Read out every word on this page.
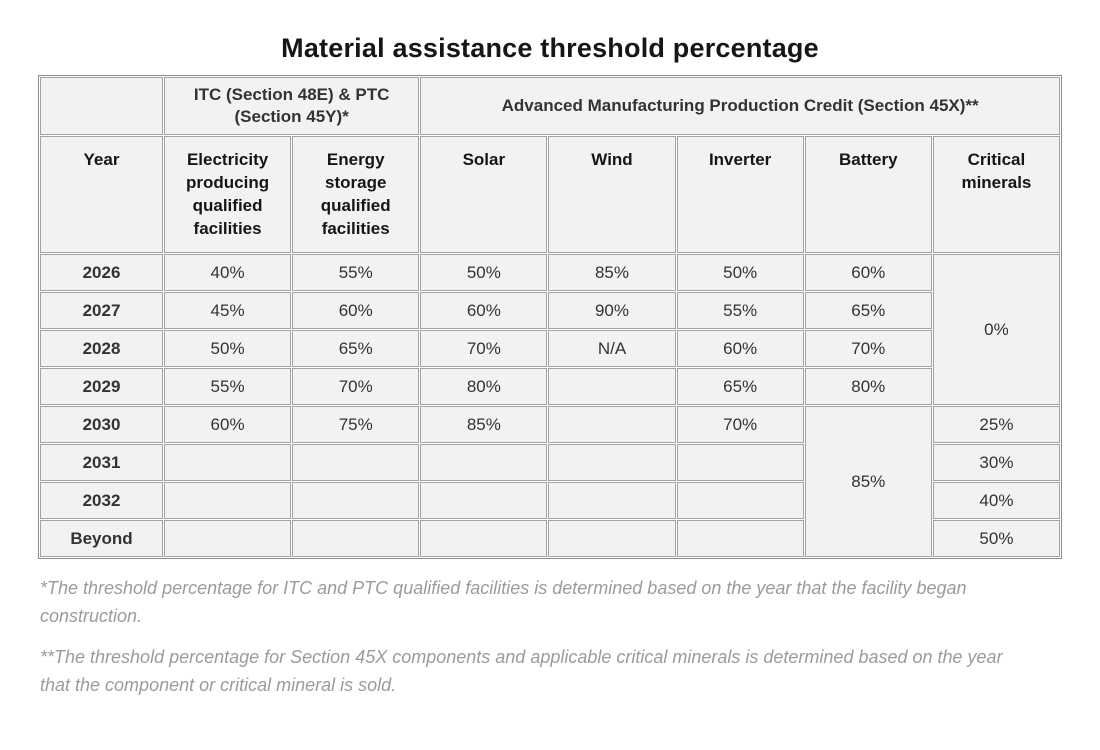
Material assistance threshold percentage
	ITC (Section 48E) & PTC (Section 45Y)*		Advanced Manufacturing Production Credit (Section 45X)**				
Year	Electricity producing qualified facilities	Energy storage qualified facilities	Solar	Wind	Inverter	Battery	Critical minerals
2026	40%	55%	50%	85%	50%	60%	0%
2027	45%	60%	60%	90%	55%	65%	
2028	50%	65%	70%	N/A	60%	70%	
2029	55%	70%	80%		65%	80%	
2030	60%	75%	85%		70%	85%	25%
2031							30%
2032							40%
Beyond							50%

*The threshold percentage for ITC and PTC qualified facilities is determined based on the year that the facility began construction.

**The threshold percentage for Section 45X components and applicable critical minerals is determined based on the year that the component or critical mineral is sold.
